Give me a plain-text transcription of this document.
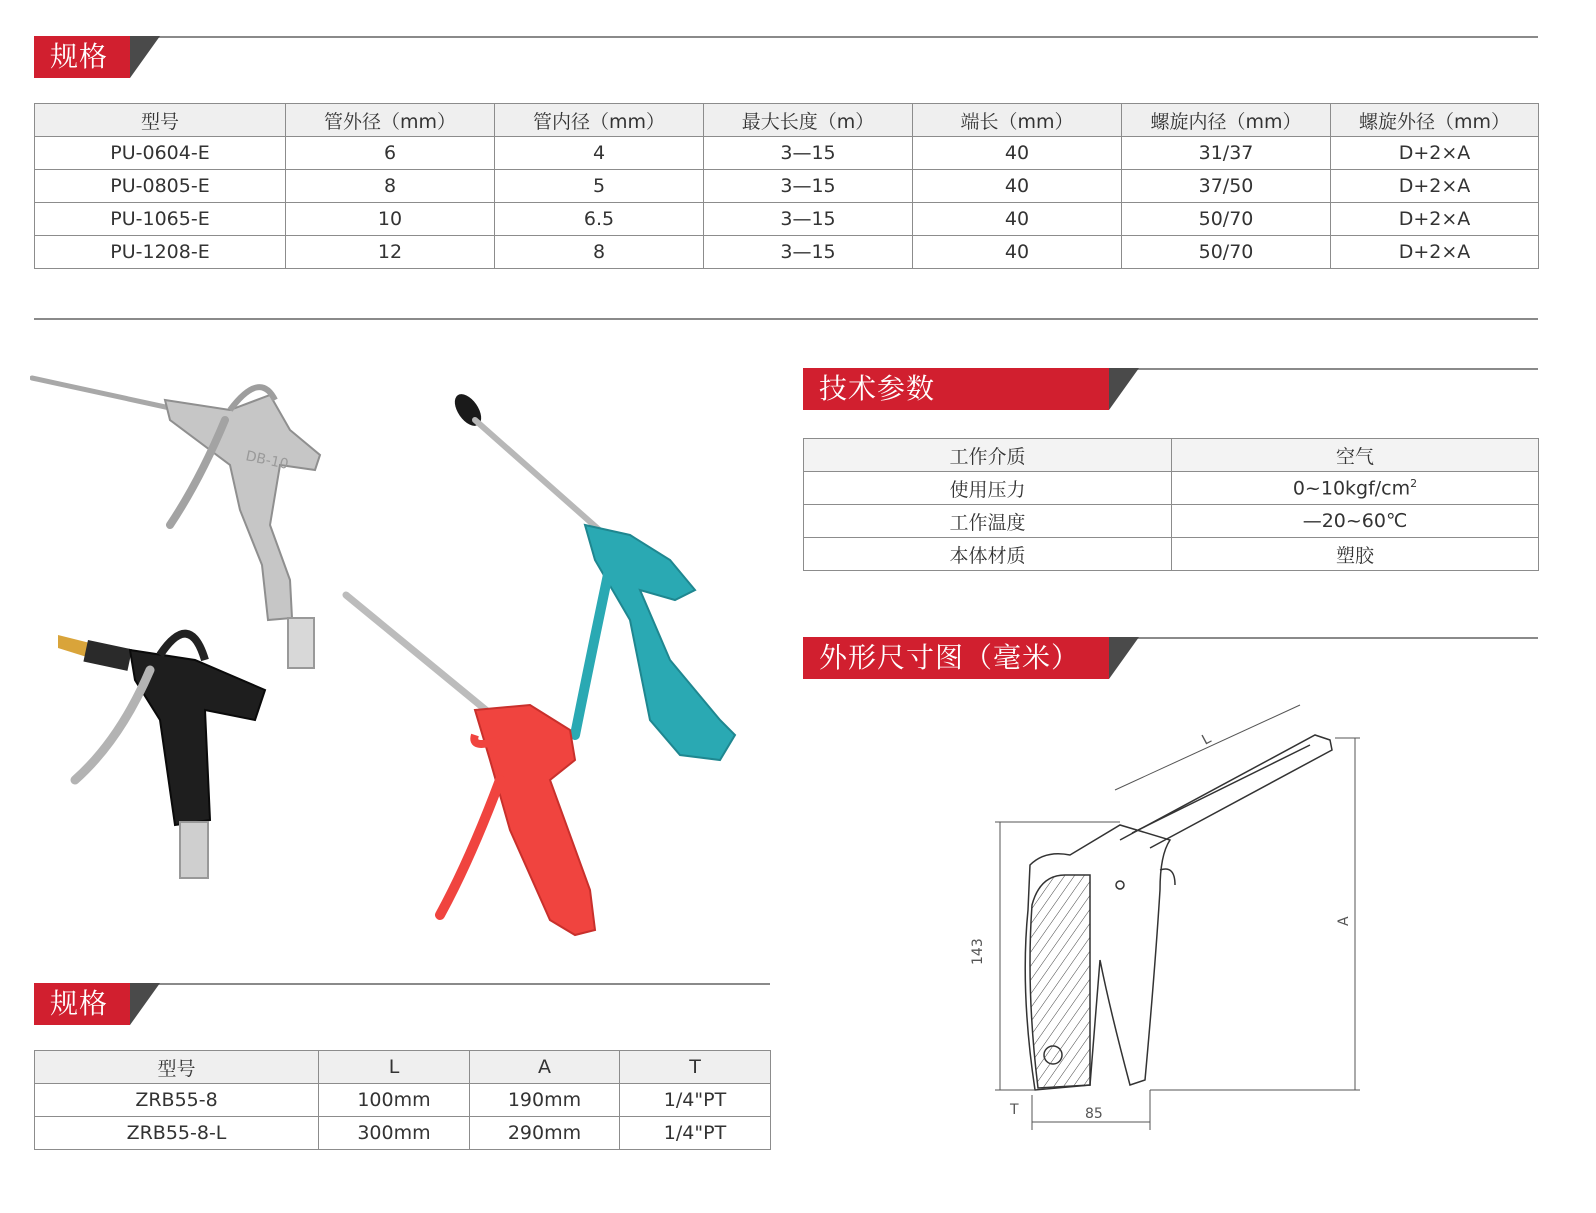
规格
型号	管外径（mm）	管内径（mm）	最大长度（m）	端长（mm）	螺旋内径（mm）	螺旋外径（mm）
PU-0604-E	6	4	3—15	40	31/37	D+2×A
PU-0805-E	8	5	3—15	40	37/50	D+2×A
PU-1065-E	10	6.5	3—15	40	50/70	D+2×A
PU-1208-E	12	8	3—15	40	50/70	D+2×A
DB-10
技术参数
工作介质	空气
使用压力	$0\sim 10kgf/cm^2$
工作温度	—20~60℃
本体材质	塑胶
外形尺寸图（毫米）
143
A
L
T	85
规格
型号	L	A	T
ZRB55-8	100mm	190mm	1/4"PT
ZRB55-8-L	300mm	290mm	1/4"PT
